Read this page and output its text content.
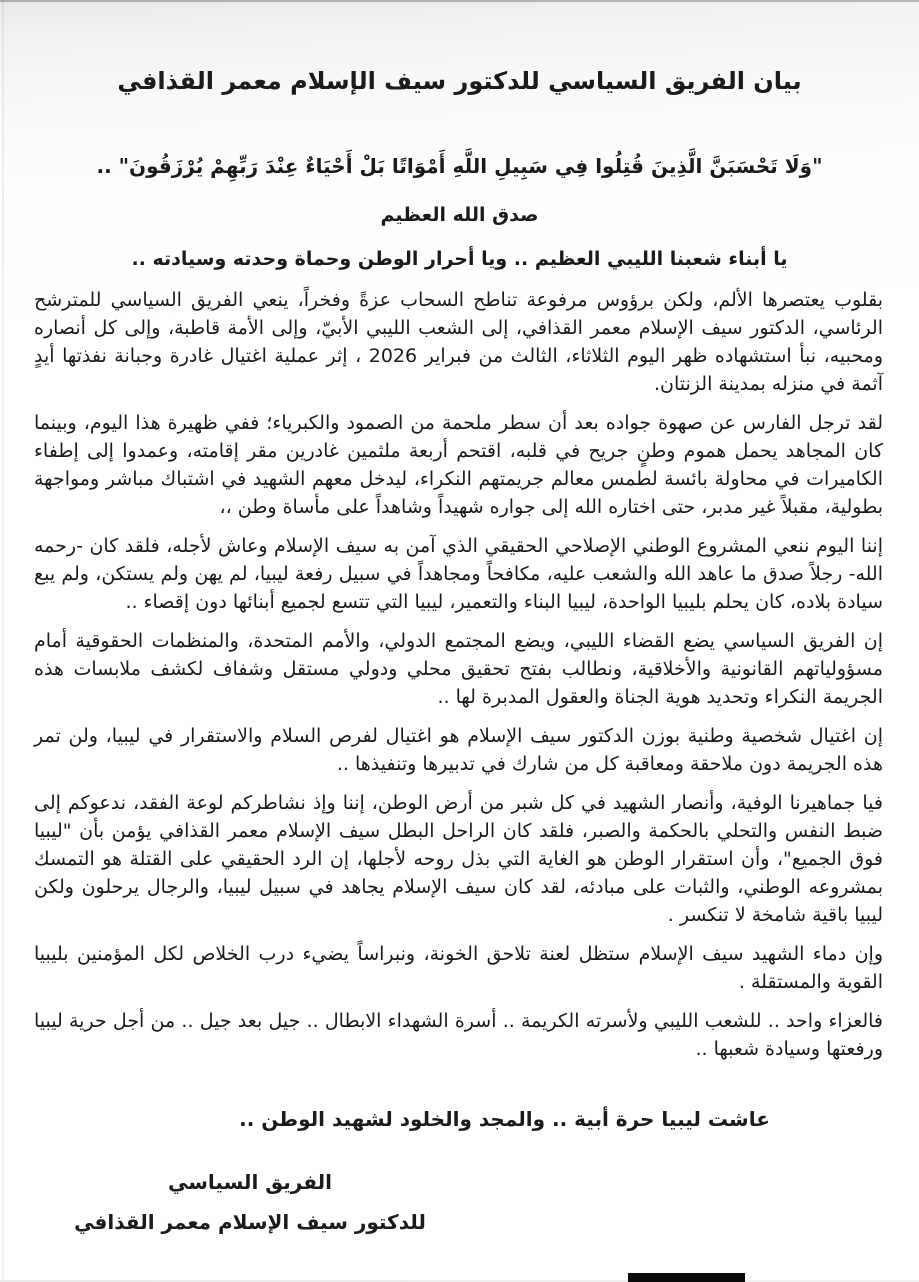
بيان الفريق السياسي للدكتور سيف الإسلام معمر القذافي
"وَلَا تَحْسَبَنَّ الَّذِينَ قُتِلُوا فِي سَبِيلِ اللَّهِ أَمْوَاتًا بَلْ أَحْيَاءٌ عِنْدَ رَبِّهِمْ يُرْزَقُونَ" ..
صدق الله العظيم
يا أبناء شعبنا الليبي العظيم .. ويا أحرار الوطن وحماة وحدته وسيادته ..

بقلوب يعتصرها الألم، ولكن برؤوس مرفوعة تناطح السحاب عزةً وفخراً، ينعي الفريق السياسي للمترشح الرئاسي، الدكتور سيف الإسلام معمر القذافي، إلى الشعب الليبي الأبيّ، وإلى الأمة قاطبة، وإلى كل أنصاره ومحبيه، نبأ استشهاده ظهر اليوم الثلاثاء، الثالث من فبراير 2026 ، إثر عملية اغتيال غادرة وجبانة نفذتها أيدٍ آثمة في منزله بمدينة الزنتان.

لقد ترجل الفارس عن صهوة جواده بعد أن سطر ملحمة من الصمود والكبرياء؛ ففي ظهيرة هذا اليوم، وبينما كان المجاهد يحمل هموم وطنٍ جريح في قلبه، اقتحم أربعة ملثمين غادرين مقر إقامته، وعمدوا إلى إطفاء الكاميرات في محاولة بائسة لطمس معالم جريمتهم النكراء، ليدخل معهم الشهيد في اشتباك مباشر ومواجهة بطولية، مقبلاً غير مدبر، حتى اختاره الله إلى جواره شهيداً وشاهداً على مأساة وطن ،،

إننا اليوم ننعي المشروع الوطني الإصلاحي الحقيقي الذي آمن به سيف الإسلام وعاش لأجله، فلقد كان -رحمه الله- رجلاً صدق ما عاهد الله والشعب عليه، مكافحاً ومجاهداً في سبيل رفعة ليبيا، لم يهن ولم يستكن، ولم يبع سيادة بلاده، كان يحلم بليبيا الواحدة، ليبيا البناء والتعمير، ليبيا التي تتسع لجميع أبنائها دون إقصاء ..

إن الفريق السياسي يضع القضاء الليبي، ويضع المجتمع الدولي، والأمم المتحدة، والمنظمات الحقوقية أمام مسؤولياتهم القانونية والأخلاقية، ونطالب بفتح تحقيق محلي ودولي مستقل وشفاف لكشف ملابسات هذه الجريمة النكراء وتحديد هوية الجناة والعقول المدبرة لها ..

إن اغتيال شخصية وطنية بوزن الدكتور سيف الإسلام هو اغتيال لفرص السلام والاستقرار في ليبيا، ولن تمر هذه الجريمة دون ملاحقة ومعاقبة كل من شارك في تدبيرها وتنفيذها ..

فيا جماهيرنا الوفية، وأنصار الشهيد في كل شبر من أرض الوطن، إننا وإذ نشاطركم لوعة الفقد، ندعوكم إلى ضبط النفس والتحلي بالحكمة والصبر، فلقد كان الراحل البطل سيف الإسلام معمر القذافي يؤمن بأن "ليبيا فوق الجميع"، وأن استقرار الوطن هو الغاية التي بذل روحه لأجلها، إن الرد الحقيقي على القتلة هو التمسك بمشروعه الوطني، والثبات على مبادئه، لقد كان سيف الإسلام يجاهد في سبيل ليبيا، والرجال يرحلون ولكن ليبيا باقية شامخة لا تنكسر .

وإن دماء الشهيد سيف الإسلام ستظل لعنة تلاحق الخونة، ونبراساً يضيء درب الخلاص لكل المؤمنين بليبيا القوية والمستقلة .

فالعزاء واحد .. للشعب الليبي ولأسرته الكريمة .. أسرة الشهداء الابطال .. جيل بعد جيل .. من أجل حرية ليبيا ورفعتها وسيادة شعبها ..

عاشت ليبيا حرة أبية .. والمجد والخلود لشهيد الوطن ..
الفريق السياسي
للدكتور سيف الإسلام معمر القذافي
